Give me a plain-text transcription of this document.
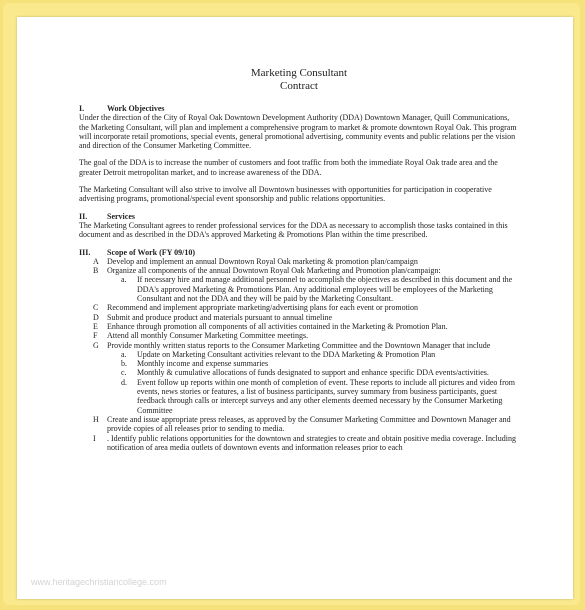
Marketing Consultant
Contract
I.	Work Objectives

Under the direction of the City of Royal Oak Downtown Development Authority (DDA) Downtown Manager, Quill Communications, the Marketing Consultant, will plan and implement a comprehensive program to market & promote downtown Royal Oak. This program will incorporate retail promotions, special events, general promotional advertising, community events and public relations per the vision and direction of the Consumer Marketing Committee.

The goal of the DDA is to increase the number of customers and foot traffic from both the immediate Royal Oak trade area and the greater Detroit metropolitan market, and to increase awareness of the DDA.

The Marketing Consultant will also strive to involve all Downtown businesses with opportunities for participation in cooperative advertising programs, promotional/special event sponsorship and public relations opportunities.

II. Services

The Marketing Consultant agrees to render professional services for the DDA as necessary to accomplish those tasks contained in this document and as described in the DDA's approved Marketing & Promotions Plan within the time prescribed.

III. Scope of Work (FY 09/10)
A	Develop and implement an annual Downtown Royal Oak marketing & promotion plan/campaign
B	Organize all components of the annual Downtown Royal Oak Marketing and Promotion plan/campaign:
a.	If necessary hire and manage additional personnel to accomplish the objectives as described in this document and the DDA's approved Marketing & Promotions Plan. Any additional employees will be employees of the Marketing Consultant and not the DDA and they will be paid by the Marketing Consultant.
C	Recommend and implement appropriate marketing/advertising plans for each event or promotion
D	Submit and produce product and materials pursuant to annual timeline
E	Enhance through promotion all components of all activities contained in the Marketing & Promotion Plan.
F	Attend all monthly Consumer Marketing Committee meetings.
G	Provide monthly written status reports to the Consumer Marketing Committee and the Downtown Manager that include
a.	Update on Marketing Consultant activities relevant to the DDA Marketing & Promotion Plan
b.	Monthly income and expense summaries
c.	Monthly & cumulative allocations of funds designated to support and enhance specific DDA events/activities.
d.	Event follow up reports within one month of completion of event. These reports to include all pictures and video from events, news stories or features, a list of business participants, survey summary from business participants, guest feedback through calls or intercept surveys and any other elements deemed necessary by the Consumer Marketing Committee
H	Create and issue appropriate press releases, as approved by the Consumer Marketing Committee and Downtown Manager and provide copies of all releases prior to sending to media.
I	. Identify public relations opportunities for the downtown and strategies to create and obtain positive media coverage. Including notification of area media outlets of downtown events and information releases prior to each
www.heritagechristiancollege.com
